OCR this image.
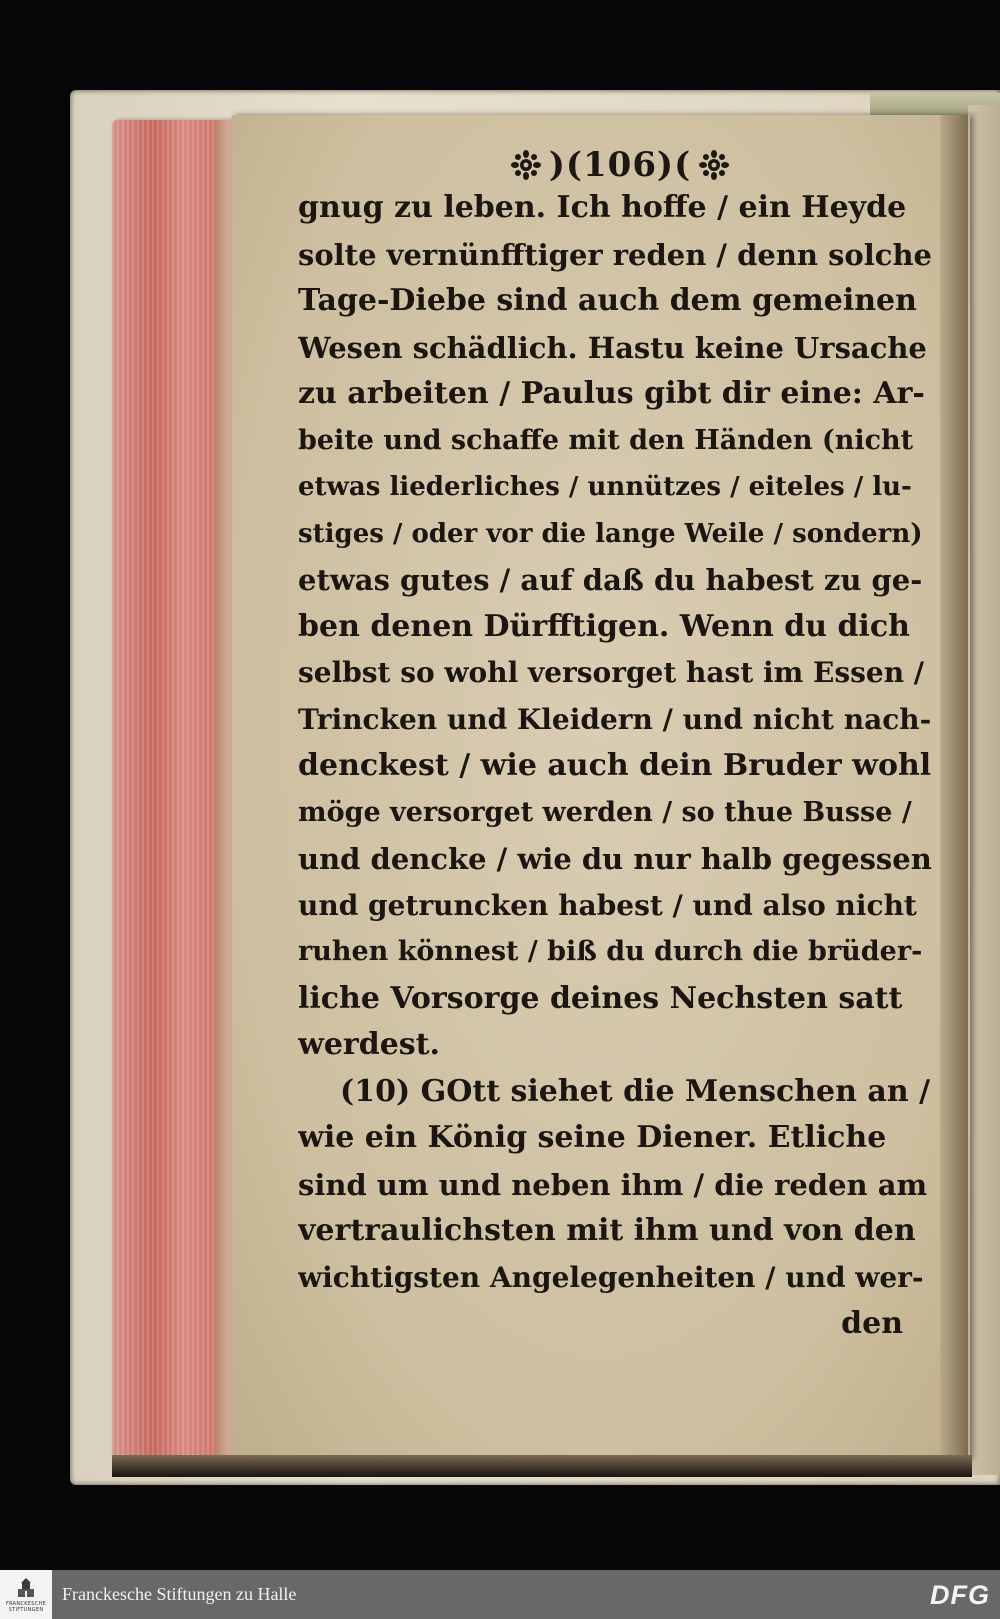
)(106)(
gnug zu leben. Ich hoffe / ein Heyde
solte vernünfftiger reden / denn solche
Tage-Diebe sind auch dem gemeinen
Wesen schädlich. Hastu keine Ursache
zu arbeiten / Paulus gibt dir eine: Ar-
beite und schaffe mit den Händen (nicht
etwas liederliches / unnützes / eiteles / lu-
stiges / oder vor die lange Weile / sondern)
etwas gutes / auf daß du habest zu ge-
ben denen Dürfftigen. Wenn du dich
selbst so wohl versorget hast im Essen /
Trincken und Kleidern / und nicht nach-
denckest / wie auch dein Bruder wohl
möge versorget werden / so thue Busse /
und dencke / wie du nur halb gegessen
und getruncken habest / und also nicht
ruhen könnest / biß du durch die brüder-
liche Vorsorge deines Nechsten satt
werdest.
(10) GOtt siehet die Menschen an /
wie ein König seine Diener. Etliche
sind um und neben ihm / die reden am
vertraulichsten mit ihm und von den
wichtigsten Angelegenheiten / und wer-
den
FRANCKESCHE STIFTUNGEN
Franckesche Stiftungen zu Halle	DFG
